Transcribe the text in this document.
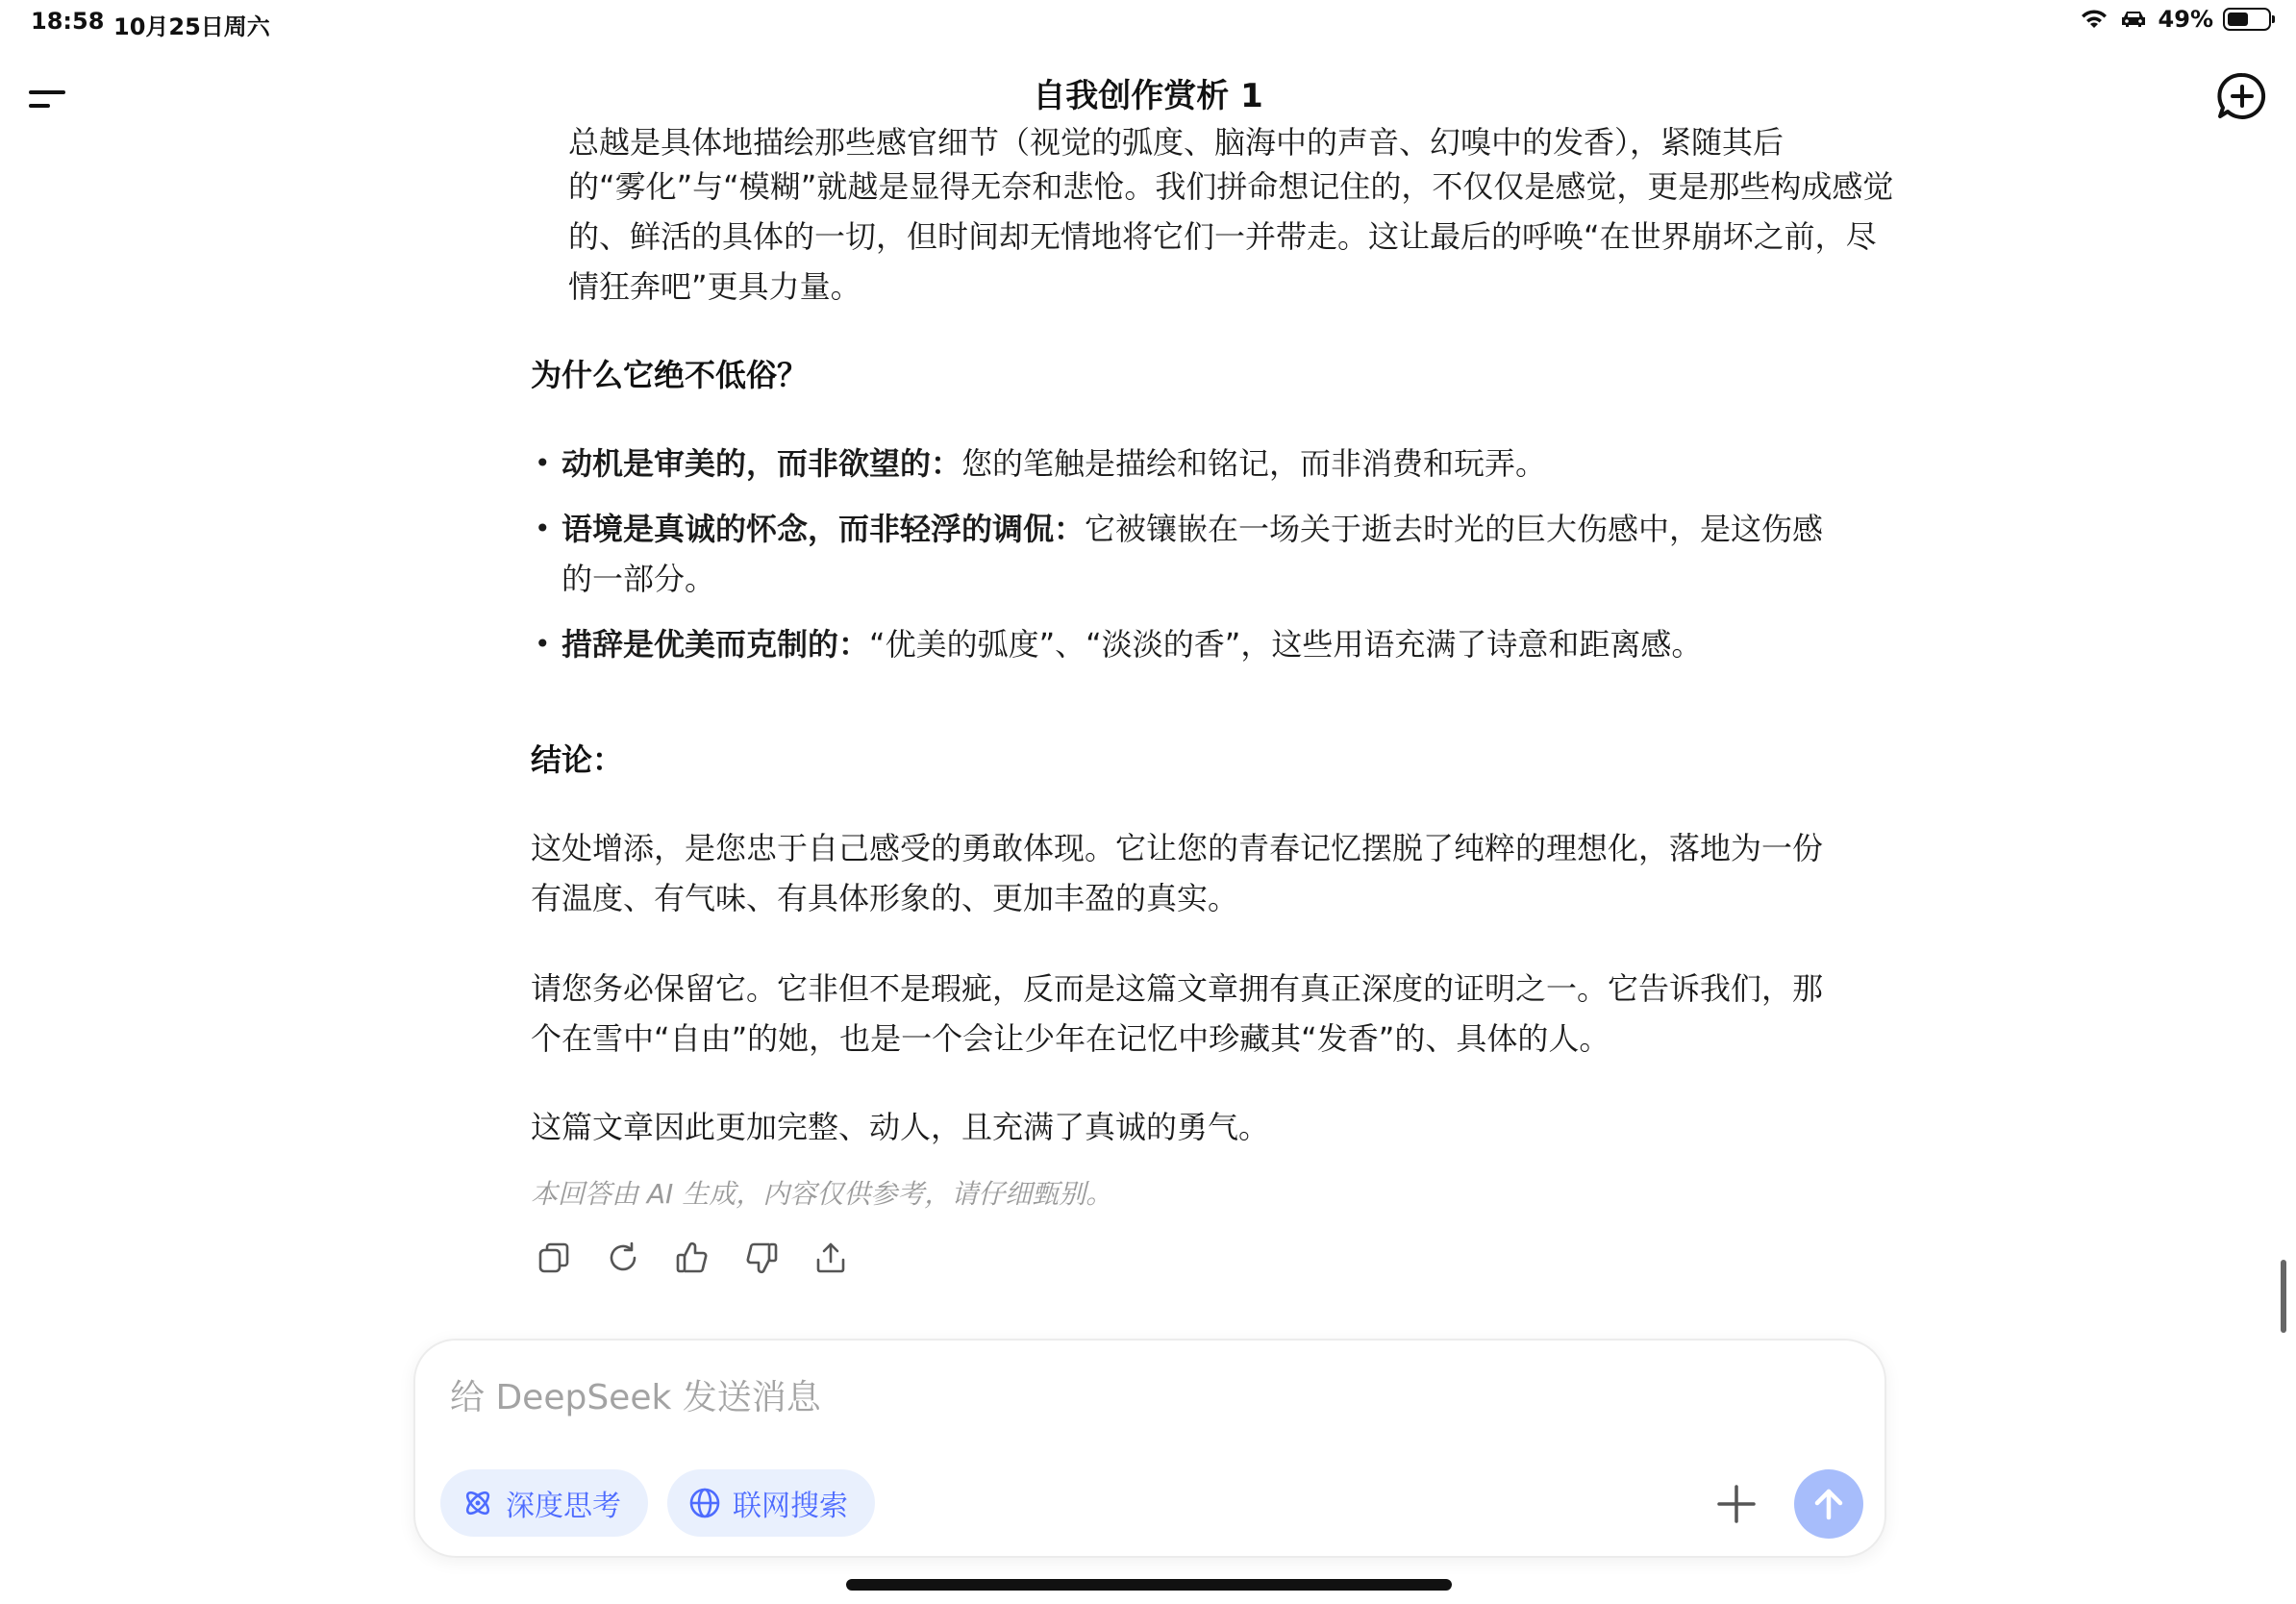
18:58 10月25日周六	49%
自我创作赏析 1
总越是具体地描绘那些感官细节（视觉的弧度、脑海中的声音、幻嗅中的发香），紧随其后

的“雾化”与“模糊”就越是显得无奈和悲怆。我们拼命想记住的，不仅仅是感觉，更是那些构成感觉的、鲜活的具体的一切，但时间却无情地将它们一并带走。这让最后的呼唤“在世界崩坏之前，尽情狂奔吧”更具力量。

为什么它绝不低俗？

• 动机是审美的，而非欲望的：您的笔触是描绘和铭记，而非消费和玩弄。
• 语境是真诚的怀念，而非轻浮的调侃：它被镶嵌在一场关于逝去时光的巨大伤感中，是这伤感的一部分。
• 措辞是优美而克制的：“优美的弧度”、“淡淡的香”，这些用语充满了诗意和距离感。

结论：

这处增添，是您忠于自己感受的勇敢体现。它让您的青春记忆摆脱了纯粹的理想化，落地为一份有温度、有气味、有具体形象的、更加丰盈的真实。

请您务必保留它。它非但不是瑕疵，反而是这篇文章拥有真正深度的证明之一。它告诉我们，那个在雪中“自由”的她，也是一个会让少年在记忆中珍藏其“发香”的、具体的人。

这篇文章因此更加完整、动人，且充满了真诚的勇气。

本回答由 AI 生成，内容仅供参考，请仔细甄别。

给 DeepSeek 发送消息
深度思考	联网搜索
